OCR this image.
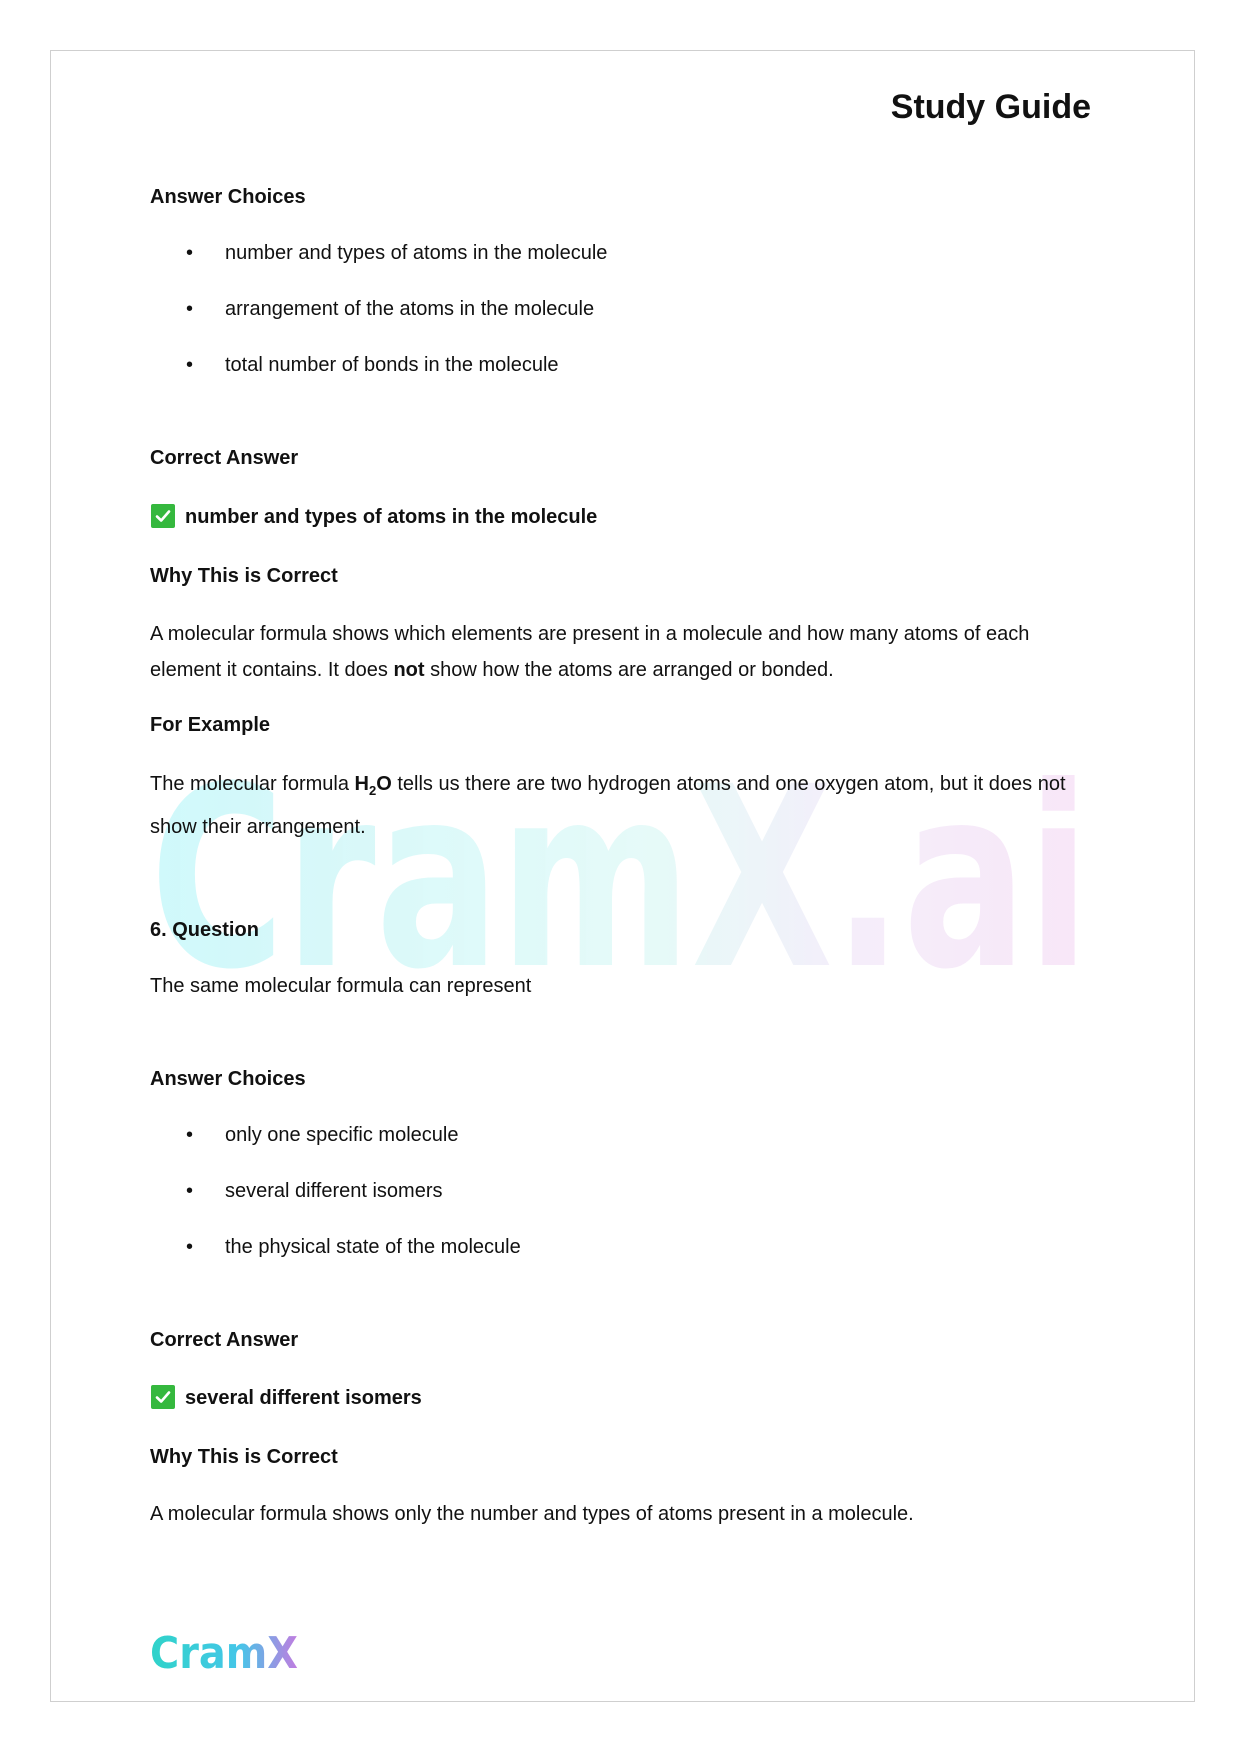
CramX.ai
Study Guide
Answer Choices
• number and types of atoms in the molecule
• arrangement of the atoms in the molecule
• total number of bonds in the molecule
Correct Answer
number and types of atoms in the molecule
Why This is Correct
A molecular formula shows which elements are present in a molecule and how many atoms of each element it contains. It does not show how the atoms are arranged or bonded.
For Example
The molecular formula $H_2O$ tells us there are two hydrogen atoms and one oxygen atom, but it does not show their arrangement.
6. Question
The same molecular formula can represent
Answer Choices
• only one specific molecule
• several different isomers
• the physical state of the molecule
Correct Answer
several different isomers
Why This is Correct
A molecular formula shows only the number and types of atoms present in a molecule.
CramX
